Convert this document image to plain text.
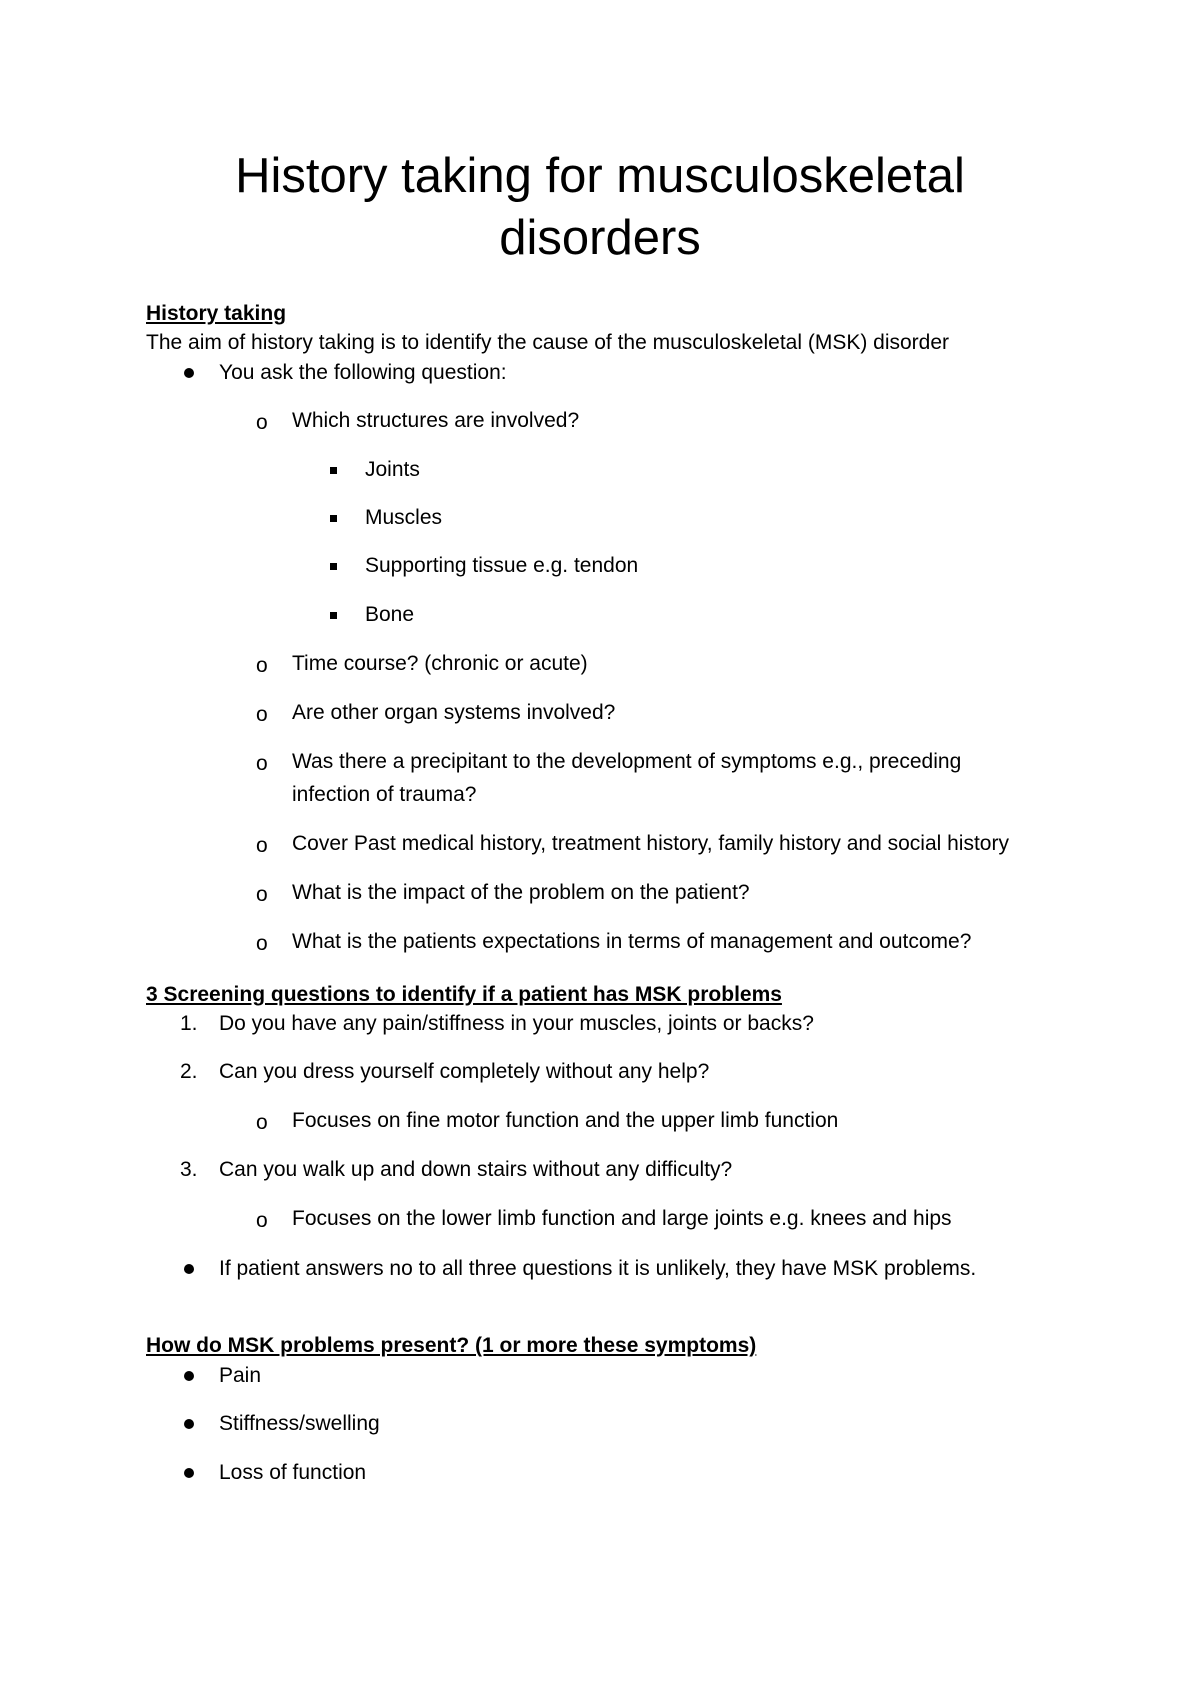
History taking for musculoskeletal
disorders
History taking
The aim of history taking is to identify the cause of the musculoskeletal (MSK) disorder
You ask the following question:
o Which structures are involved?
Joints
Muscles
Supporting tissue e.g. tendon
Bone
o Time course? (chronic or acute)
o Are other organ systems involved?
o Was there a precipitant to the development of symptoms e.g., preceding
infection of trauma?
o Cover Past medical history, treatment history, family history and social history
o What is the impact of the problem on the patient?
o What is the patients expectations in terms of management and outcome?
3 Screening questions to identify if a patient has MSK problems
1. Do you have any pain/stiffness in your muscles, joints or backs?
2. Can you dress yourself completely without any help?
o Focuses on fine motor function and the upper limb function
3. Can you walk up and down stairs without any difficulty?
o Focuses on the lower limb function and large joints e.g. knees and hips
If patient answers no to all three questions it is unlikely, they have MSK problems.
How do MSK problems present? (1 or more these symptoms)
Pain
Stiffness/swelling
Loss of function
